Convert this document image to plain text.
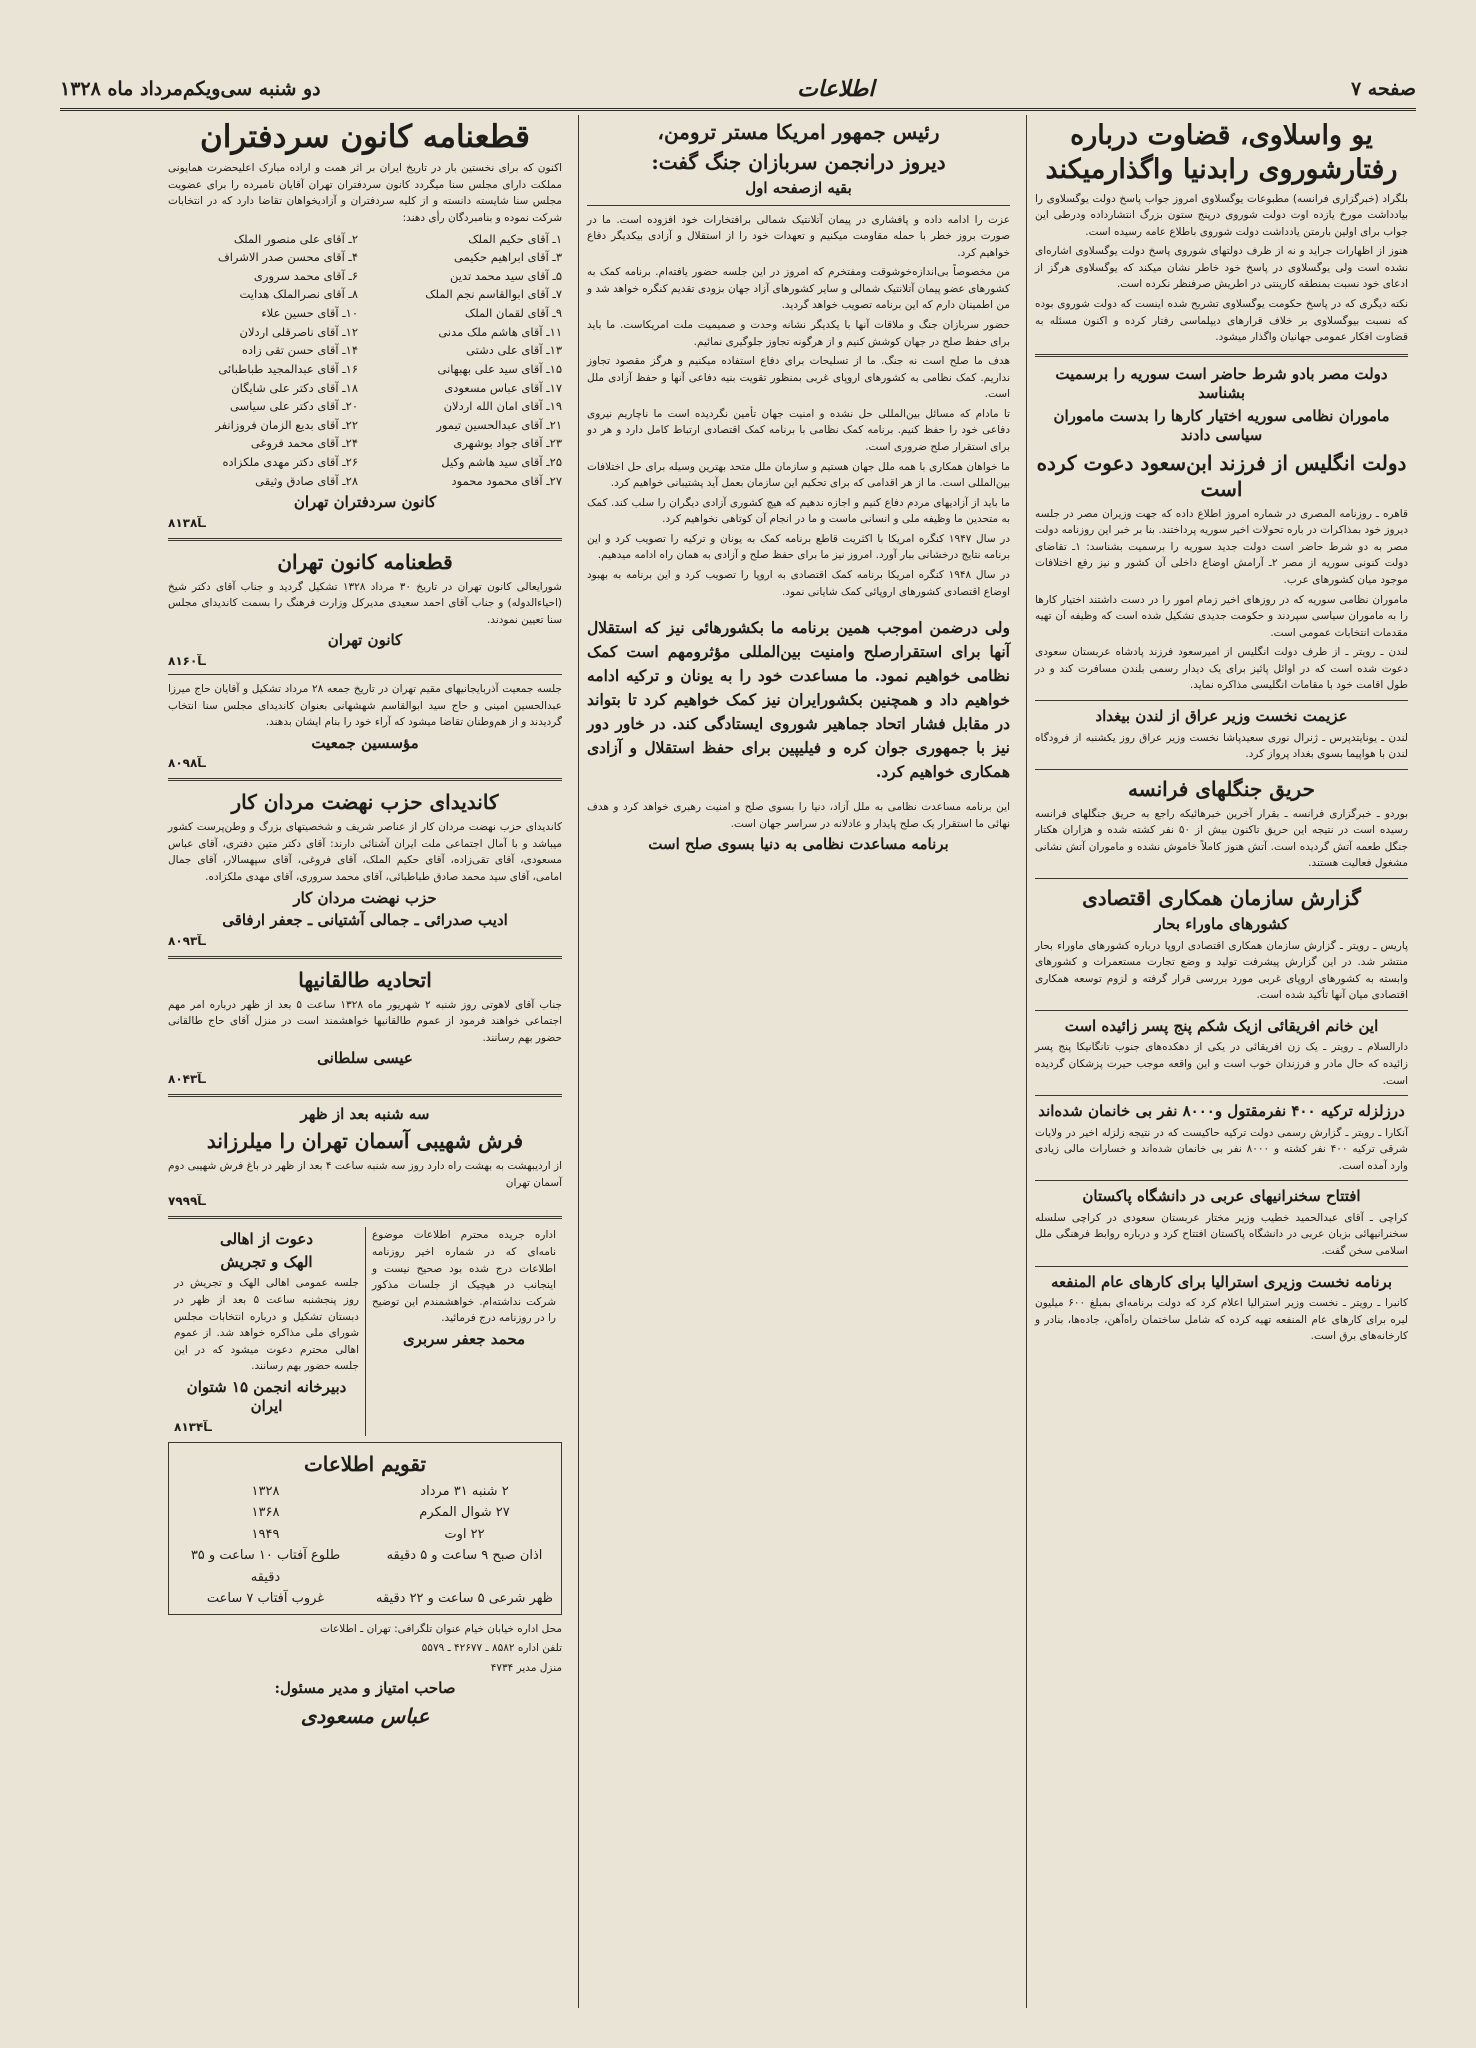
صفحه ۷
اطلاعات
دو شنبه سی‌ویکم‌مرداد ماه ۱۳۲۸
یو واسلاوی، قضاوت درباره رفتارشوروی رابدنیا واگذارمیکند

بلگراد (خبرگزاری فرانسه) مطبوعات یوگسلاوی امروز جواب پاسخ دولت یوگسلاوی را بیادداشت مورخ یازده اوت دولت شوروی درپنج ستون بزرگ انتشارداده ودرطی این جواب برای اولین بارمتن یادداشت دولت شوروی باطلاع عامه رسیده است.

هنوز از اظهارات جراید و نه از ظرف دولتهای شوروی پاسخ دولت یوگسلاوی اشاره‌ای نشده است ولی یوگسلاوی در پاسخ خود خاطر نشان میکند که یوگسلاوی هرگز از ادعای خود نسبت بمنطقه کارینتی در اطریش صرفنظر نکرده است.

نکته دیگری که در پاسخ حکومت یوگسلاوی تشریح شده اینست که دولت شوروی بوده که نسبت بیوگسلاوی بر خلاف قرارهای دیپلماسی رفتار کرده و اکنون مسئله به قضاوت افکار عمومی جهانیان واگذار میشود.

دولت مصر بادو شرط حاضر است سوریه را برسمیت بشناسد
ماموران نظامی سوریه اختیار کارها را بدست ماموران سیاسی دادند
دولت انگلیس از فرزند ابن‌سعود دعوت کرده است

قاهره ـ روزنامه المصری در شماره امروز اطلاع داده که جهت وزیران مصر در جلسه دیروز خود بمذاکرات در باره تحولات اخیر سوریه پرداختند. بنا بر خبر این روزنامه دولت مصر به دو شرط حاضر است دولت جدید سوریه را برسمیت بشناسد: ۱ـ تقاضای دولت کنونی سوریه از مصر ۲ـ آرامش اوضاع داخلی آن کشور و نیز رفع اختلافات موجود میان کشورهای عرب.

ماموران نظامی سوریه که در روزهای اخیر زمام امور را در دست داشتند اختیار کارها را به ماموران سیاسی سپردند و حکومت جدیدی تشکیل شده است که وظیفه آن تهیه مقدمات انتخابات عمومی است.

لندن ـ رویتر ـ از طرف دولت انگلیس از امیرسعود فرزند پادشاه عربستان سعودی دعوت شده است که در اوائل پائیز برای یک دیدار رسمی بلندن مسافرت کند و در طول اقامت خود با مقامات انگلیسی مذاکره نماید.

عزیمت نخست وزیر عراق از لندن بیغداد

لندن ـ یونایتدپرس ـ ژنرال نوری سعیدپاشا نخست وزیر عراق روز یکشنبه از فرودگاه لندن با هواپیما بسوی بغداد پرواز کرد.

حریق جنگلهای فرانسه

بوردو ـ خبرگزاری فرانسه ـ بقرار آخرین خبرهائیکه راجع به حریق جنگلهای فرانسه رسیده است در نتیجه این حریق تاکنون بیش از ۵۰ نفر کشته شده و هزاران هکتار جنگل طعمه آتش گردیده است. آتش هنوز کاملاً خاموش نشده و ماموران آتش نشانی مشغول فعالیت هستند.

گزارش سازمان همکاری اقتصادی
کشورهای ماوراء بحار

پاریس ـ رویتر ـ گزارش سازمان همکاری اقتصادی اروپا درباره کشورهای ماوراء بحار منتشر شد. در این گزارش پیشرفت تولید و وضع تجارت مستعمرات و کشورهای وابسته به کشورهای اروپای غربی مورد بررسی قرار گرفته و لزوم توسعه همکاری اقتصادی میان آنها تأکید شده است.

این خانم افریقائی ازیک شکم پنج پسر زائیده است

دارالسلام ـ رویتر ـ یک زن افریقائی در یکی از دهکده‌های جنوب تانگانیکا پنج پسر زائیده که حال مادر و فرزندان خوب است و این واقعه موجب حیرت پزشکان گردیده است.

درزلزله ترکیه ۴۰۰ نفرمقتول و۸۰۰۰ نفر بی خانمان شده‌اند

آنکارا ـ رویتر ـ گزارش رسمی دولت ترکیه حاکیست که در نتیجه زلزله اخیر در ولایات شرقی ترکیه ۴۰۰ نفر کشته و ۸۰۰۰ نفر بی خانمان شده‌اند و خسارات مالی زیادی وارد آمده است.

افتتاح سخنرانیهای عربی در دانشگاه پاکستان

کراچی ـ آقای عبدالحمید خطیب وزیر مختار عربستان سعودی در کراچی سلسله سخنرانیهائی بزبان عربی در دانشگاه پاکستان افتتاح کرد و درباره روابط فرهنگی ملل اسلامی سخن گفت.

برنامه نخست وزیری استرالیا برای کارهای عام المنفعه

کانبرا ـ رویتر ـ نخست وزیر استرالیا اعلام کرد که دولت برنامه‌ای بمبلغ ۶۰۰ میلیون لیره برای کارهای عام المنفعه تهیه کرده که شامل ساختمان راه‌آهن، جاده‌ها، بنادر و کارخانه‌های برق است.

رئیس جمهور امریکا مستر ترومن،
دیروز درانجمن سربازان جنگ گفت:
بقیه ازصفحه اول

عزت را ادامه داده و پافشاری در پیمان آتلانتیک شمالی برافتخارات خود افزوده است. ما در صورت بروز خطر با حمله مقاومت میکنیم و تعهدات خود را از استقلال و آزادی بیکدیگر دفاع خواهیم کرد.

من مخصوصاً بی‌اندازه‌خوشوقت ومفتخرم که امروز در این جلسه حضور یافته‌ام. برنامه کمک به کشورهای عضو پیمان آتلانتیک شمالی و سایر کشورهای آزاد جهان بزودی تقدیم کنگره خواهد شد و من اطمینان دارم که این برنامه تصویب خواهد گردید.

حضور سربازان جنگ و ملاقات آنها با یکدیگر نشانه وحدت و صمیمیت ملت امریکاست. ما باید برای حفظ صلح در جهان کوشش کنیم و از هرگونه تجاوز جلوگیری نمائیم.

هدف ما صلح است نه جنگ. ما از تسلیحات برای دفاع استفاده میکنیم و هرگز مقصود تجاوز نداریم. کمک نظامی به کشورهای اروپای غربی بمنظور تقویت بنیه دفاعی آنها و حفظ آزادی ملل است.

تا مادام که مسائل بین‌المللی حل نشده و امنیت جهان تأمین نگردیده است ما ناچاریم نیروی دفاعی خود را حفظ کنیم. برنامه کمک نظامی با برنامه کمک اقتصادی ارتباط کامل دارد و هر دو برای استقرار صلح ضروری است.

ما خواهان همکاری با همه ملل جهان هستیم و سازمان ملل متحد بهترین وسیله برای حل اختلافات بین‌المللی است. ما از هر اقدامی که برای تحکیم این سازمان بعمل آید پشتیبانی خواهیم کرد.

ما باید از آزادیهای مردم دفاع کنیم و اجازه ندهیم که هیچ کشوری آزادی دیگران را سلب کند. کمک به متحدین ما وظیفه ملی و انسانی ماست و ما در انجام آن کوتاهی نخواهیم کرد.

در سال ۱۹۴۷ کنگره امریکا با اکثریت قاطع برنامه کمک به یونان و ترکیه را تصویب کرد و این برنامه نتایج درخشانی ببار آورد. امروز نیز ما برای حفظ صلح و آزادی به همان راه ادامه میدهیم.

در سال ۱۹۴۸ کنگره امریکا برنامه کمک اقتصادی به اروپا را تصویب کرد و این برنامه به بهبود اوضاع اقتصادی کشورهای اروپائی کمک شایانی نمود.

ولی درضمن اموجب همین برنامه ما بکشورهائی نیز که استقلال آنها برای استقرارصلح وامنیت بین‌المللی مؤثرومهم است کمک نظامی خواهیم نمود. ما مساعدت خود را به یونان و ترکیه ادامه خواهیم داد و همچنین بکشورایران نیز کمک خواهیم کرد تا بتواند در مقابل فشار اتحاد جماهیر شوروی ایستادگی کند. در خاور دور نیز با جمهوری جوان کره و فیلیپین برای حفظ استقلال و آزادی همکاری خواهیم کرد.

این برنامه مساعدت نظامی به ملل آزاد، دنیا را بسوی صلح و امنیت رهبری خواهد کرد و هدف نهائی ما استقرار یک صلح پایدار و عادلانه در سراسر جهان است.

برنامه مساعدت نظامی به دنیا بسوی صلح است
قطعنامه کانون سردفتران

اکنون که برای نخستین بار در تاریخ ایران بر اثر همت و اراده مبارک اعلیحضرت همایونی مملکت دارای مجلس سنا میگردد کانون سردفتران تهران آقایان نامبرده را برای عضویت مجلس سنا شایسته دانسته و از کلیه سردفتران و آزادیخواهان تقاضا دارد که در انتخابات شرکت نموده و بنامبردگان رأی دهند:

۱ـ آقای حکیم الملک
۲ـ آقای علی منصور الملک
۳ـ آقای ابراهیم حکیمی
۴ـ آقای محسن صدر الاشراف
۵ـ آقای سید محمد تدین
۶ـ آقای محمد سروری
۷ـ آقای ابوالقاسم نجم الملک
۸ـ آقای نصرالملک هدایت
۹ـ آقای لقمان الملک
۱۰ـ آقای حسین علاء
۱۱ـ آقای هاشم ملک مدنی
۱۲ـ آقای ناصرقلی اردلان
۱۳ـ آقای علی دشتی
۱۴ـ آقای حسن تقی زاده
۱۵ـ آقای سید علی بهبهانی
۱۶ـ آقای عبدالمجید طباطبائی
۱۷ـ آقای عباس مسعودی
۱۸ـ آقای دکتر علی شایگان
۱۹ـ آقای امان الله اردلان
۲۰ـ آقای دکتر علی سیاسی
۲۱ـ آقای عبدالحسین تیمور
۲۲ـ آقای بدیع الزمان فروزانفر
۲۳ـ آقای جواد بوشهری
۲۴ـ آقای محمد فروغی
۲۵ـ آقای سید هاشم وکیل
۲۶ـ آقای دکتر مهدی ملکزاده
۲۷ـ آقای محمود محمود
۲۸ـ آقای صادق وثیقی
کانون سردفتران تهران
۸۱۳۸ـآ
قطعنامه کانون تهران

شورایعالی کانون تهران در تاریخ ۳۰ مرداد ۱۳۲۸ تشکیل گردید و جناب آقای دکتر شیخ (احیاءالدوله) و جناب آقای احمد سعیدی مدیرکل وزارت فرهنگ را بسمت کاندیدای مجلس سنا تعیین نمودند.

کانون تهران
۸۱۶۰ـآ

جلسه جمعیت آذربایجانیهای مقیم تهران در تاریخ جمعه ۲۸ مرداد تشکیل و آقایان حاج میرزا عبدالحسین امینی و حاج سید ابوالقاسم شهشهانی بعنوان کاندیدای مجلس سنا انتخاب گردیدند و از هم‌وطنان تقاضا میشود که آراء خود را بنام ایشان بدهند.

مؤسسین جمعیت
۸۰۹۸ـآ
کاندیدای حزب نهضت مردان کار

کاندیدای حزب نهضت مردان کار از عناصر شریف و شخصیتهای بزرگ و وطن‌پرست کشور میباشد و با آمال اجتماعی ملت ایران آشنائی دارند: آقای دکتر متین دفتری، آقای عباس مسعودی، آقای تقی‌زاده، آقای حکیم الملک، آقای فروغی، آقای سپهسالار، آقای جمال امامی، آقای سید محمد صادق طباطبائی، آقای محمد سروری، آقای مهدی ملکزاده.

حزب نهضت مردان کار
ادیب صدرائی ـ جمالی آشتیانی ـ جعفر ارفاقی
۸۰۹۳ـآ
اتحادیه طالقانیها

جناب آقای لاهوتی روز شنبه ۲ شهریور ماه ۱۳۲۸ ساعت ۵ بعد از ظهر درباره امر مهم اجتماعی خواهند فرمود از عموم طالقانیها خواهشمند است در منزل آقای حاج طالقانی حضور بهم رسانند.

عیسی سلطانی
۸۰۴۳ـآ
سه شنبه بعد از ظهر
فرش شهیبی آسمان تهران را میلرزاند

از اردیبهشت به بهشت راه دارد روز سه شنبه ساعت ۴ بعد از ظهر در باغ فرش شهیبی دوم آسمان تهران

۷۹۹۹ـآ

اداره جریده محترم اطلاعات موضوع نامه‌ای که در شماره اخیر روزنامه اطلاعات درج شده بود صحیح نیست و اینجانب در هیچیک از جلسات مذکور شرکت نداشته‌ام. خواهشمندم این توضیح را در روزنامه درج فرمائید.

محمد جعفر سربری
دعوت از اهالی
الهک و تجریش

جلسه عمومی اهالی الهک و تجریش در روز پنجشنبه ساعت ۵ بعد از ظهر در دبستان تشکیل و درباره انتخابات مجلس شورای ملی مذاکره خواهد شد. از عموم اهالی محترم دعوت میشود که در این جلسه حضور بهم رسانند.

دبیرخانه انجمن ۱۵ شتوان ایران
۸۱۳۴ـآ
تقویم اطلاعات
۲ شنبه ۳۱ مرداد
۱۳۲۸
۲۷ شوال المکرم
۱۳۶۸
۲۲ اوت
۱۹۴۹
اذان صبح ۹ ساعت و ۵ دقیقه
طلوع آفتاب ۱۰ ساعت و ۳۵ دقیقه
ظهر شرعی ۵ ساعت و ۲۲ دقیقه
غروب آفتاب ۷ ساعت

محل اداره خیابان خیام عنوان تلگرافی: تهران ـ اطلاعات

تلفن اداره ۸۵۸۲ ـ ۴۲۶۷۷ ـ ۵۵۷۹

منزل مدیر ۴۷۳۴

صاحب امتیاز و مدیر مسئول:
عباس مسعودی
